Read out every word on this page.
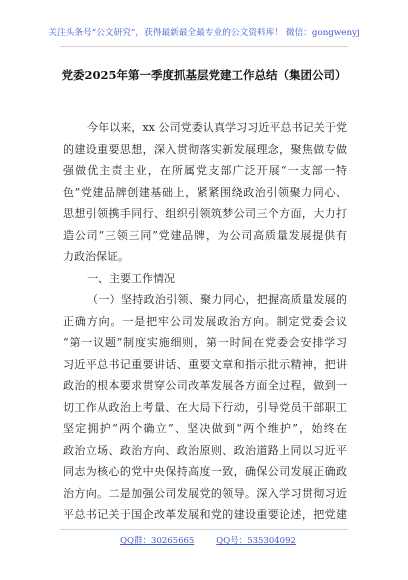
关注头条号“公文研究”，获得最新最全最专业的公文资料库！ 微信：gongwenyj
党委2025年第一季度抓基层党建工作总结（集团公司）
今年以来，xx 公司党委认真学习习近平总书记关于党
的建设重要思想，深入贯彻落实新发展理念，聚焦做专做
强做优主责主业，在所属党支部广泛开展“一支部一特
色”党建品牌创建基础上，紧紧围绕政治引领聚力同心、
思想引领携手同行、组织引领筑梦公司三个方面，大力打
造公司“三领三同”党建品牌，为公司高质量发展提供有
力政治保证。
一、主要工作情况
（一）坚持政治引领、聚力同心，把握高质量发展的
正确方向。一是把牢公司发展政治方向。制定党委会议
“第一议题”制度实施细则，第一时间在党委会安排学习
习近平总书记重要讲话、重要文章和指示批示精神，把讲
政治的根本要求贯穿公司改革发展各方面全过程，做到一
切工作从政治上考量、在大局下行动，引导党员干部职工
坚定拥护“两个确立”、坚决做到“两个维护”，始终在
政治立场、政治方向、政治原则、政治道路上同以习近平
同志为核心的党中央保持高度一致，确保公司发展正确政
治方向。二是加强公司发展党的领导。深入学习贯彻习近
平总书记关于国企改革发展和党的建设重要论述，把党建
QQ群：30265665	QQ号：535304092
